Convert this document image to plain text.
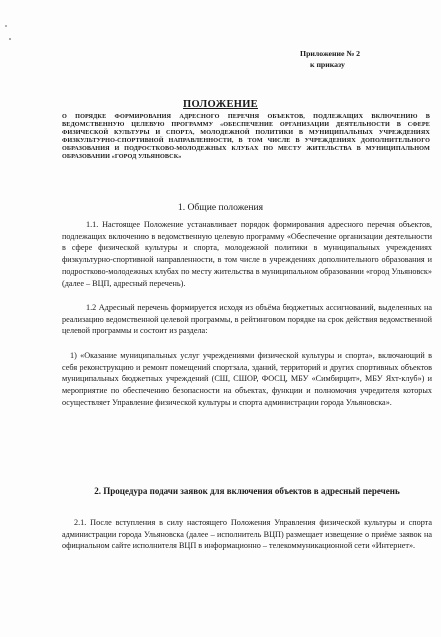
Приложение № 2
к приказу
ПОЛОЖЕНИЕ
О ПОРЯДКЕ ФОРМИРОВАНИЯ АДРЕСНОГО ПЕРЕЧНЯ ОБЪЕКТОВ, ПОДЛЕЖАЩИХ ВКЛЮЧЕНИЮ В ВЕДОМСТВЕННУЮ ЦЕЛЕВУЮ ПРОГРАММУ «ОБЕСПЕЧЕНИЕ ОРГАНИЗАЦИИ ДЕЯТЕЛЬНОСТИ В СФЕРЕ ФИЗИЧЕСКОЙ КУЛЬТУРЫ И СПОРТА, МОЛОДЕЖНОЙ ПОЛИТИКИ В МУНИЦИПАЛЬНЫХ УЧРЕЖДЕНИЯХ ФИЗКУЛЬТУРНО-СПОРТИВНОЙ НАПРАВЛЕННОСТИ, В ТОМ ЧИСЛЕ В УЧРЕЖДЕНИЯХ ДОПОЛНИТЕЛЬНОГО ОБРАЗОВАНИЯ И ПОДРОСТКОВО-МОЛОДЕЖНЫХ КЛУБАХ ПО МЕСТУ ЖИТЕЛЬСТВА В МУНИЦИПАЛЬНОМ ОБРАЗОВАНИИ «ГОРОД УЛЬЯНОВСК»
1. Общие положения
1.1. Настоящее Положение устанавливает порядок формирования адресного перечня объектов, подлежащих включению в ведомственную целевую программу «Обеспечение организации деятельности в сфере физической культуры и спорта, молодежной политики в муниципальных учреждениях физкультурно-спортивной направленности, в том числе в учреждениях дополнительного образования и подростково-молодежных клубах по месту жительства в муниципальном образовании «город Ульяновск» (далее – ВЦП, адресный перечень).
1.2 Адресный перечень формируется исходя из объёма бюджетных ассигнований, выделенных на реализацию ведомственной целевой программы, в рейтинговом порядке на срок действия ведомственной целевой программы и состоит из раздела:
1) «Оказание муниципальных услуг учреждениями физической культуры и спорта», включающий в себя реконструкцию и ремонт помещений спортзала, зданий, территорий и других спортивных объектов муниципальных бюджетных учреждений (СШ, СШОР, ФОСЦ, МБУ «Симбирцит», МБУ Яхт-клуб») и мероприятие по обеспечению безопасности на объектах, функции и полномочия учредителя которых осуществляет Управление физической культуры и спорта администрации города Ульяновска».
2. Процедура подачи заявок для включения объектов в адресный перечень
2.1. После вступления в силу настоящего Положения Управления физической культуры и спорта администрации города Ульяновска (далее – исполнитель ВЦП) размещает извещение о приёме заявок на официальном сайте исполнителя ВЦП в информационно – телекоммуникационной сети «Интернет».
